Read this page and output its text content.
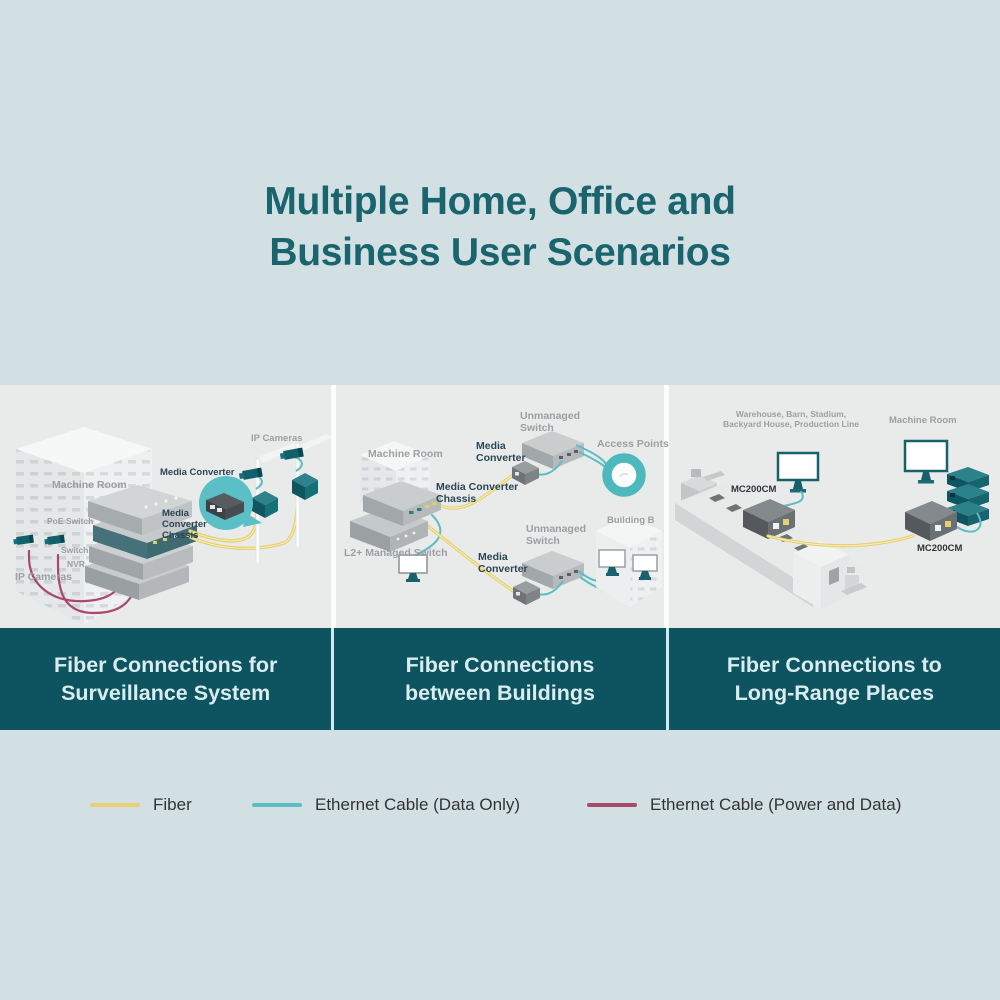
Multiple Home, Office and
Business User Scenarios
Machine Room
PoE Switch
Switch
NVR
IP Cameras
IP Cameras
Media Converter
Media
Converter
Chassis
Machine Room
Media Converter
Chassis
L2+ Managed Switch
Media
Converter
Unmanaged
Switch
Access Points
Unmanaged
Switch
Media
Converter
Building B
Warehouse, Barn, Stadium,
Backyard House, Production Line	Machine Room
MC200CM
MC200CM
Fiber Connections for
Surveillance System
Fiber Connections
between Buildings
Fiber Connections to
Long-Range Places
Fiber	Ethernet Cable (Data Only)	Ethernet Cable (Power and Data)
